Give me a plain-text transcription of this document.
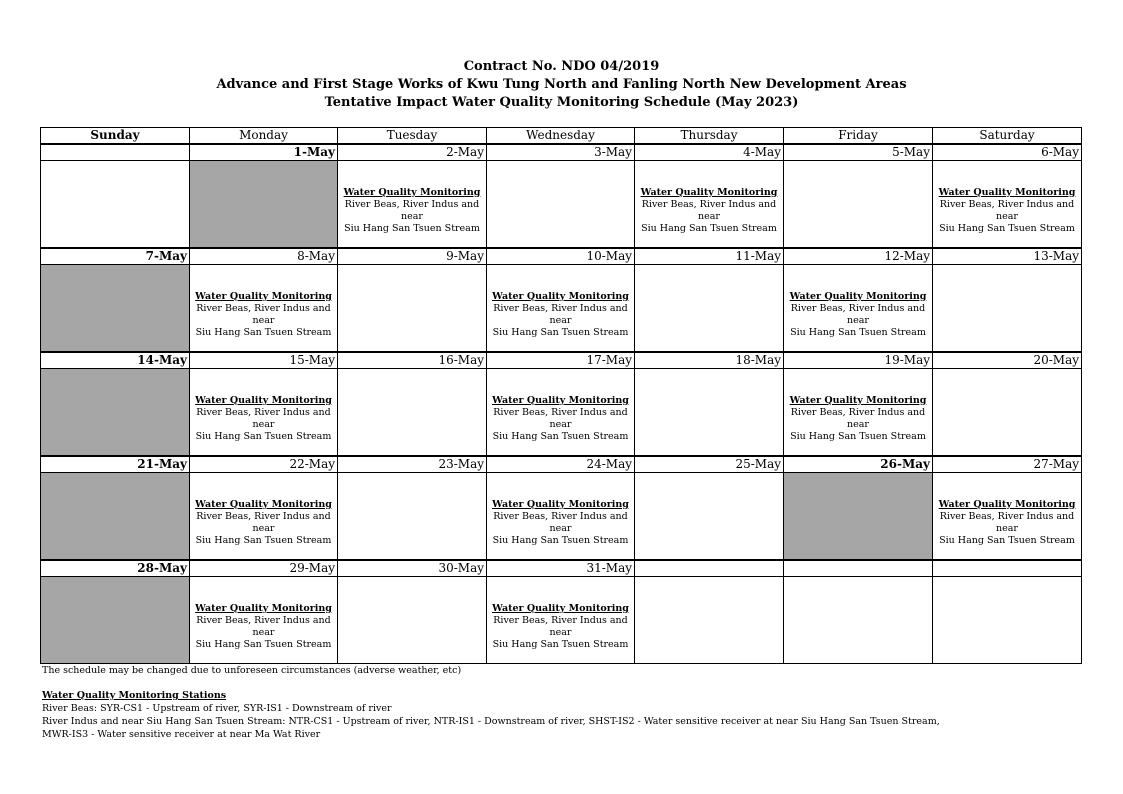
Contract No. NDO 04/2019
Advance and First Stage Works of Kwu Tung North and Fanling North New Development Areas
Tentative Impact Water Quality Monitoring Schedule (May 2023)
Sunday	Monday	Tuesday	Wednesday	Thursday	Friday	Saturday
	1-May	2-May	3-May	4-May	5-May	6-May

		Water Quality Monitoring
River Beas, River Indus and near
Siu Hang San Tsuen Stream		Water Quality Monitoring
River Beas, River Indus and near
Siu Hang San Tsuen Stream		Water Quality Monitoring
River Beas, River Indus and near
Siu Hang San Tsuen Stream

7-May	8-May	9-May	10-May	11-May	12-May	13-May

	Water Quality Monitoring
River Beas, River Indus and near
Siu Hang San Tsuen Stream		Water Quality Monitoring
River Beas, River Indus and near
Siu Hang San Tsuen Stream		Water Quality Monitoring
River Beas, River Indus and near
Siu Hang San Tsuen Stream	

14-May	15-May	16-May	17-May	18-May	19-May	20-May

	Water Quality Monitoring
River Beas, River Indus and near
Siu Hang San Tsuen Stream		Water Quality Monitoring
River Beas, River Indus and near
Siu Hang San Tsuen Stream		Water Quality Monitoring
River Beas, River Indus and near
Siu Hang San Tsuen Stream	

21-May	22-May	23-May	24-May	25-May	26-May	27-May

	Water Quality Monitoring
River Beas, River Indus and near
Siu Hang San Tsuen Stream		Water Quality Monitoring
River Beas, River Indus and near
Siu Hang San Tsuen Stream			Water Quality Monitoring
River Beas, River Indus and near
Siu Hang San Tsuen Stream

28-May	29-May	30-May	31-May			

	Water Quality Monitoring
River Beas, River Indus and near
Siu Hang San Tsuen Stream		Water Quality Monitoring
River Beas, River Indus and near
Siu Hang San Tsuen Stream			

The schedule may be changed due to unforeseen circumstances (adverse weather, etc)
Water Quality Monitoring Stations
River Beas: SYR-CS1 - Upstream of river, SYR-IS1 - Downstream of river
River Indus and near Siu Hang San Tsuen Stream: NTR-CS1 - Upstream of river, NTR-IS1 - Downstream of river, SHST-IS2 - Water sensitive receiver at near Siu Hang San Tsuen Stream,
MWR-IS3 - Water sensitive receiver at near Ma Wat River
